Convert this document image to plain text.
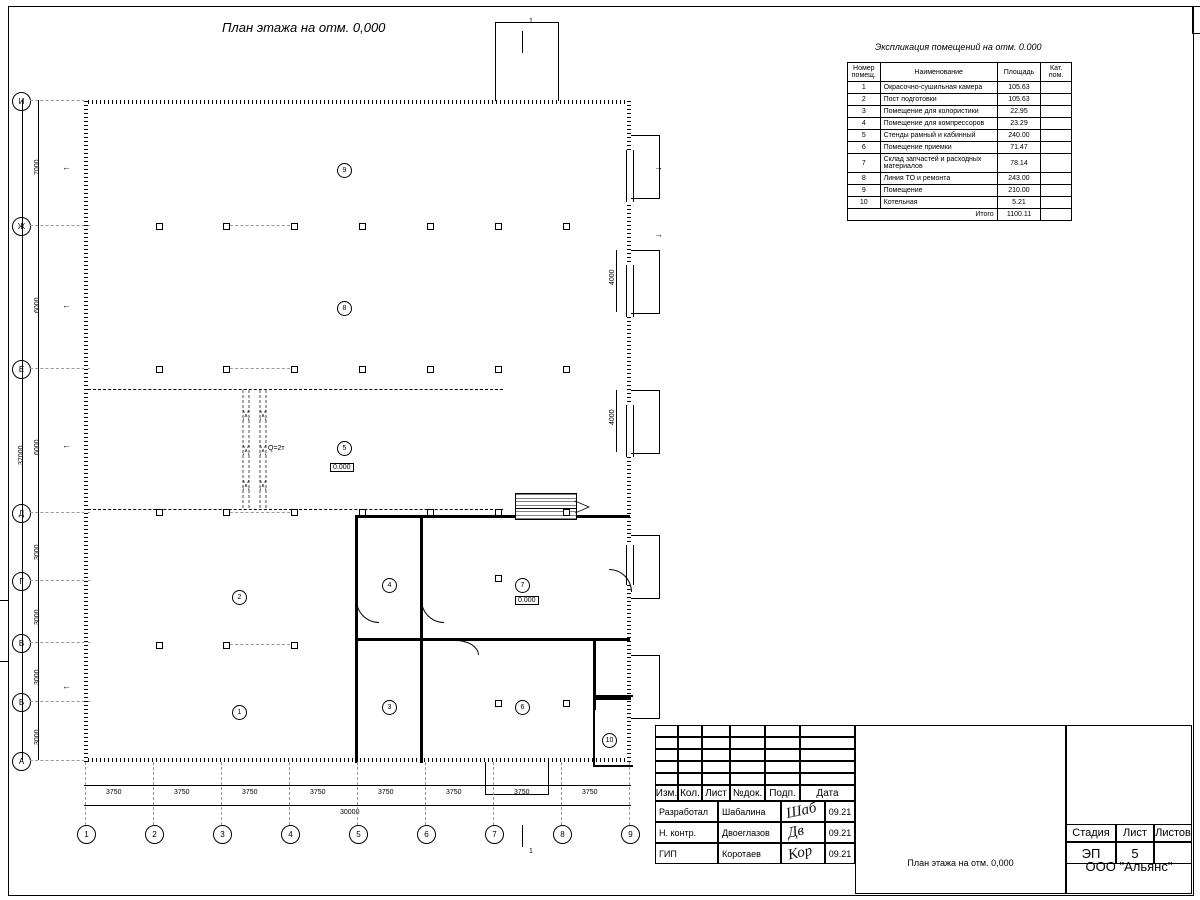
План этажа на отм. 0,000
И
Ж
Е
Д
Г
В
Б
А
7000
6000
6000
3000
3000
3000
3000
37000
1
1
Q=2т
9
8
5
2
4	7
1
3	6
10
0.000
0.000
←
←
←
←
→
→
4000
4000
3750	3750	3750	3750	3750	3750	3750	3750
30000
1	2	3	4	5	6	7	8	9
Экспликация помещений на отм. 0.000
Номер
помещ.	Наименование	Площадь	Кат.
пом.
1	Окрасочно-сушильная камера	105.63	
2	Пост подготовки	105.63	
3	Помещение для колористики	22.95	
4	Помещение для компрессоров	23.29	
5	Стенды рамный и кабинный	240.00	
6	Помещение приемки	71.47	
7	Склад запчастей и расходных материалов	78.14	
8	Линия ТО и ремонта	243.00	
9	Помещение	210.00	
10	Котельная	5.21	
Итого		1100.11	
Изм. Кол. Лист №док. Подп.	Дата
Разработал	Шабалина	09.21
Н. контр.	Двоеглазов	09.21
ГИП	Коротаев	09.21
Шаб
Дв
Кор	План этажа на отм. 0,000	ООО "Альянс"
Стадия	Лист Листов
ЭП	5
